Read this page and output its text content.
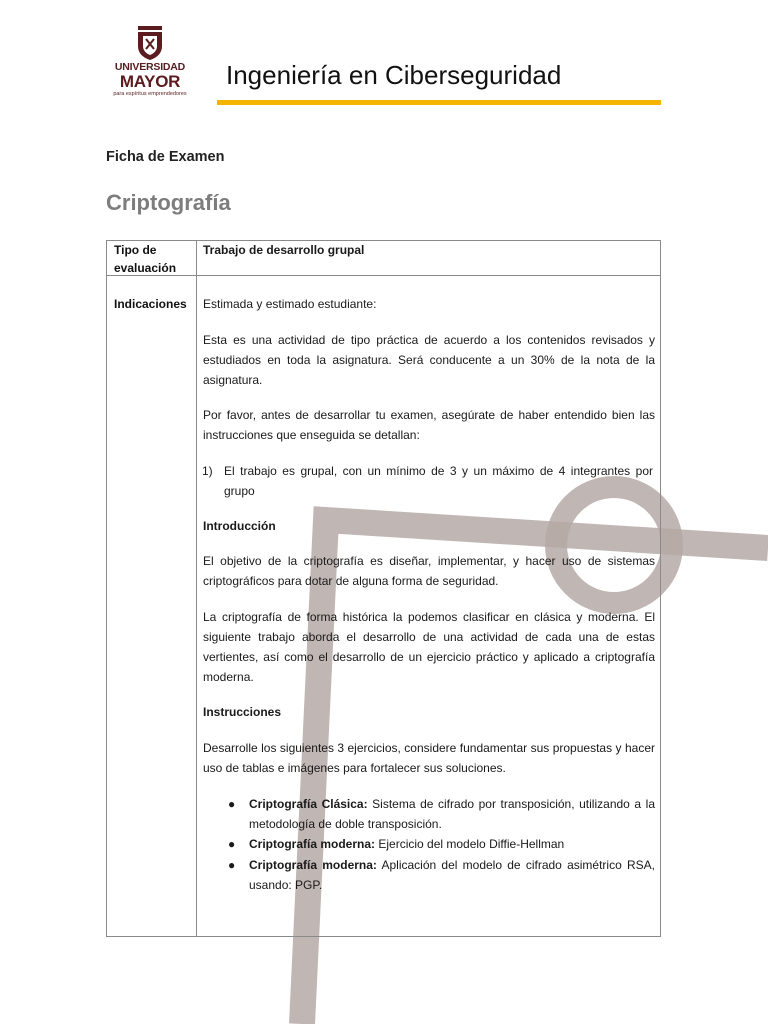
UNIVERSIDAD
MAYOR
para espíritus emprendedores
Ingeniería en Ciberseguridad
Ficha de Examen
Criptografía
Tipo de
evaluación
Trabajo de desarrollo grupal
Indicaciones Estimada y estimado estudiante:
Esta es una actividad de tipo práctica de acuerdo a los contenidos revisados y estudiados en toda la asignatura. Será conducente a un 30% de la nota de la asignatura.
Por favor, antes de desarrollar tu examen, asegúrate de haber entendido bien las instrucciones que enseguida se detallan:
1) El trabajo es grupal, con un mínimo de 3 y un máximo de 4 integrantes por grupo
Introducción
El objetivo de la criptografía es diseñar, implementar, y hacer uso de sistemas criptográficos para dotar de alguna forma de seguridad.
La criptografía de forma histórica la podemos clasificar en clásica y moderna. El siguiente trabajo aborda el desarrollo de una actividad de cada una de estas vertientes, así como el desarrollo de un ejercicio práctico y aplicado a criptografía moderna.
Instrucciones
Desarrolle los siguientes 3 ejercicios, considere fundamentar sus propuestas y hacer uso de tablas e imágenes para fortalecer sus soluciones.
● Criptografía Clásica: Sistema de cifrado por transposición, utilizando a la metodología de doble transposición.
● Criptografía moderna: Ejercicio del modelo Diffie-Hellman
● Criptografía moderna: Aplicación del modelo de cifrado asimétrico RSA, usando: PGP.
